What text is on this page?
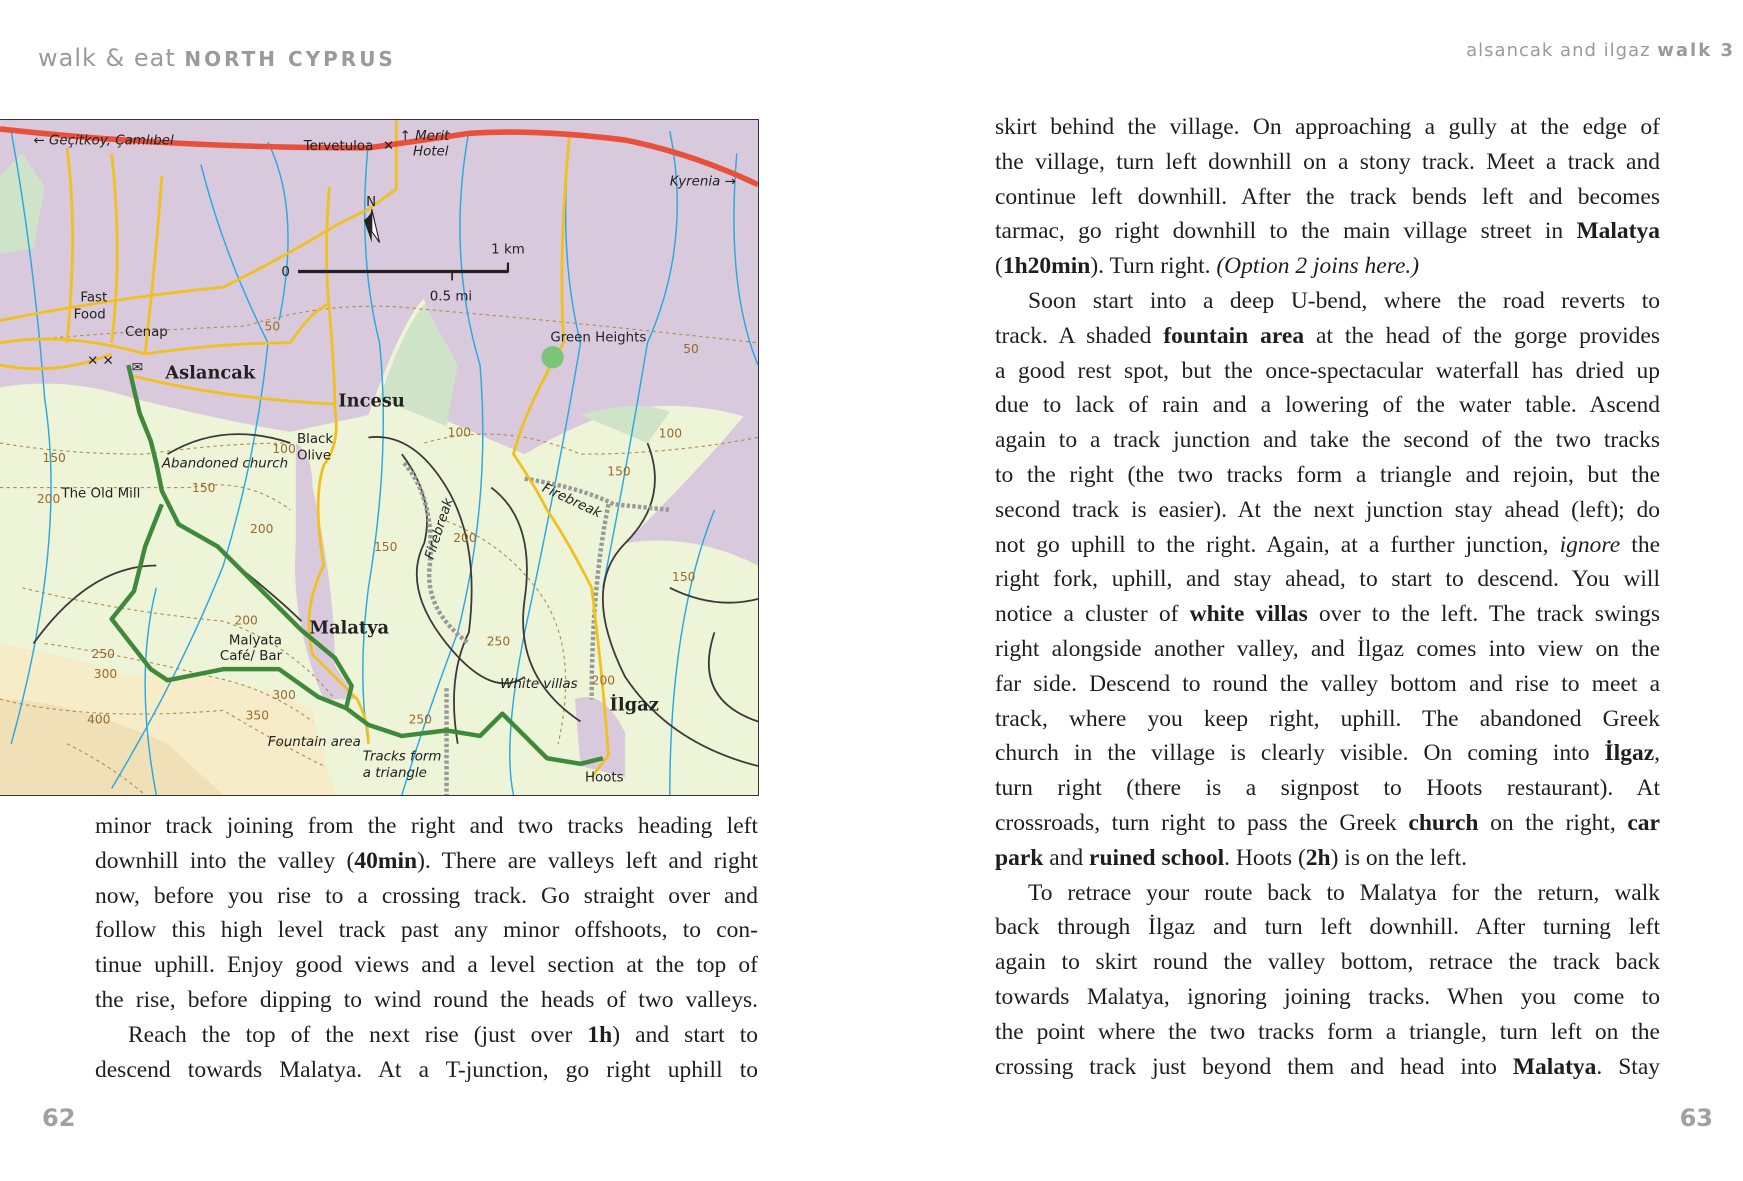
walk & eat NORTH CYPRUS	alsancak and ilgaz walk 3
← Geçitkoy, Çamlıbel	Tervetuloa ✕
↑ Merit
Hotel
Kyrenia →
N
0
1 km
0.5 mi
Fast
Food
Cenap
✕ ✕ ✉ Aslancak
Incesu
Green Heights
Black
Olive
Abandoned church
The Old Mill
Firebreak	Firebreak
Malatya
Malyata
Café/ Bar
White villas
İlgaz
Fountain area
Tracks form
a triangle	Hoots
50
50
100
100
100
150
150
150
150
150
200
200
200
200
200
250
250
250
300
300
350
400
minor track joining from the right and two tracks heading left
downhill into the valley (40min). There are valleys left and right
now, before you rise to a crossing track. Go straight over and
follow this high level track past any minor offshoots, to con-
tinue uphill. Enjoy good views and a level section at the top of
the rise, before dipping to wind round the heads of two valleys.
Reach the top of the next rise (just over 1h) and start to
descend towards Malatya. At a T-junction, go right uphill to
skirt behind the village. On approaching a gully at the edge of
the village, turn left downhill on a stony track. Meet a track and
continue left downhill. After the track bends left and becomes
tarmac, go right downhill to the main village street in Malatya
(1h20min). Turn right. (Option 2 joins here.)
Soon start into a deep U-bend, where the road reverts to
track. A shaded fountain area at the head of the gorge provides
a good rest spot, but the once-spectacular waterfall has dried up
due to lack of rain and a lowering of the water table. Ascend
again to a track junction and take the second of the two tracks
to the right (the two tracks form a triangle and rejoin, but the
second track is easier). At the next junction stay ahead (left); do
not go uphill to the right. Again, at a further junction, ignore the
right fork, uphill, and stay ahead, to start to descend. You will
notice a cluster of white villas over to the left. The track swings
right alongside another valley, and İlgaz comes into view on the
far side. Descend to round the valley bottom and rise to meet a
track, where you keep right, uphill. The abandoned Greek
church in the village is clearly visible. On coming into İlgaz,
turn right (there is a signpost to Hoots restaurant). At
crossroads, turn right to pass the Greek church on the right, car
park and ruined school. Hoots (2h) is on the left.
To retrace your route back to Malatya for the return, walk
back through İlgaz and turn left downhill. After turning left
again to skirt round the valley bottom, retrace the track back
towards Malatya, ignoring joining tracks. When you come to
the point where the two tracks form a triangle, turn left on the
crossing track just beyond them and head into Malatya. Stay
62	63
